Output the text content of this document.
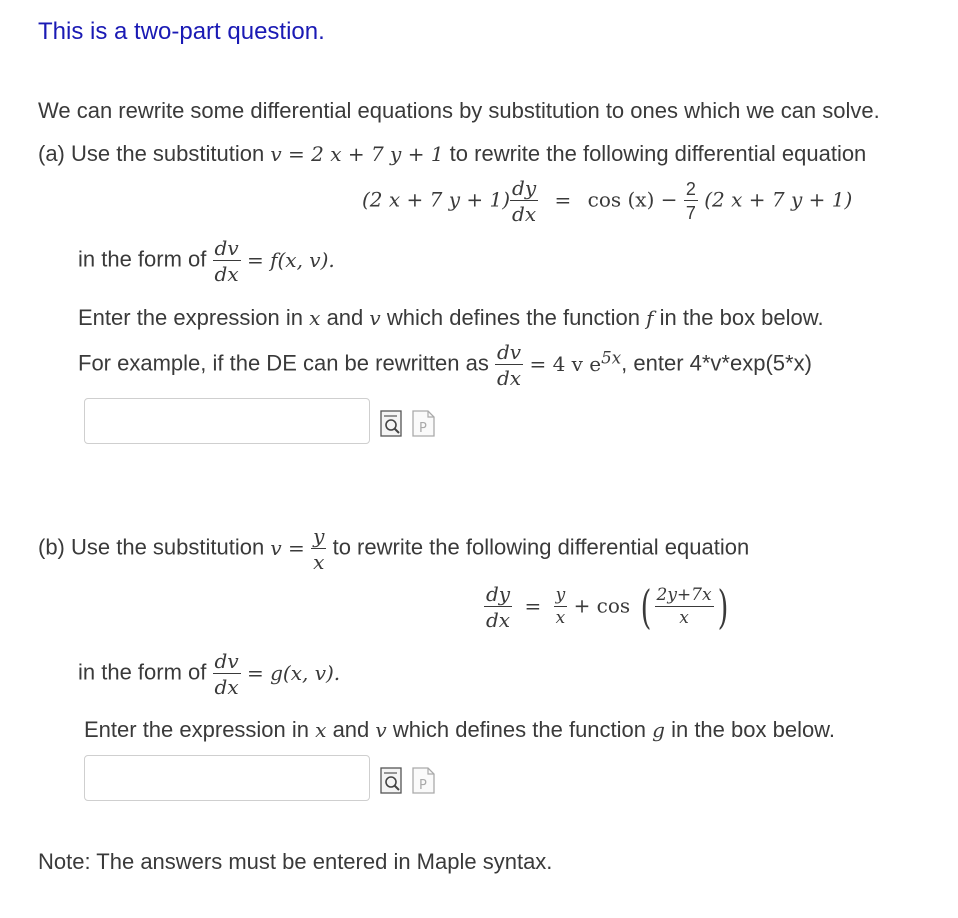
This is a two-part question.
We can rewrite some differential equations by substitution to ones which we can solve.
(a) Use the substitution v = 2 x + 7 y + 1 to rewrite the following differential equation
(2 x + 7 $y + 1) \frac{dy}{dx} = \cos (x) - \frac{2}{7} (2$ x + 7 y + 1)
in the form of $\frac{dv}{dx} = f(x$, v).
Enter the expression in x and v which defines the function f in the box below.
For example, if the DE can be rewritten as $\frac{dv}{dx} = 4$ v $e^{5x}$, enter 4*v*exp(5*x)
P
(b) Use the substitution $v = \frac{y}{x}$ to rewrite the following differential equation
$\frac{dy}{dx} = \frac{y}{x} + \cos$ ( $\frac{2y+7x}{x}$ )
in the form of $\frac{dv}{dx} = g(x$, v).
Enter the expression in x and v which defines the function g in the box below.
P
Note: The answers must be entered in Maple syntax.
